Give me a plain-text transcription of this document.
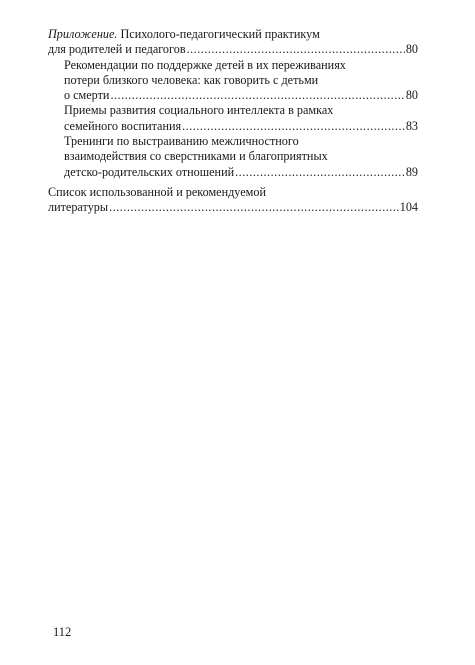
Приложение. Психолого-педагогический практикум
для родителей и педагогов .....	80
Рекомендации по поддержке детей в их переживаниях
потери близкого человека: как говорить с детьми
о смерти .....	80
Приемы развития социального интеллекта в рамках
семейного воспитания .....	83
Тренинги по выстраиванию межличностного
взаимодействия со сверстниками и благоприятных
детско-родительских отношений .....	89
Список использованной и рекомендуемой
литературы .....	104
112
